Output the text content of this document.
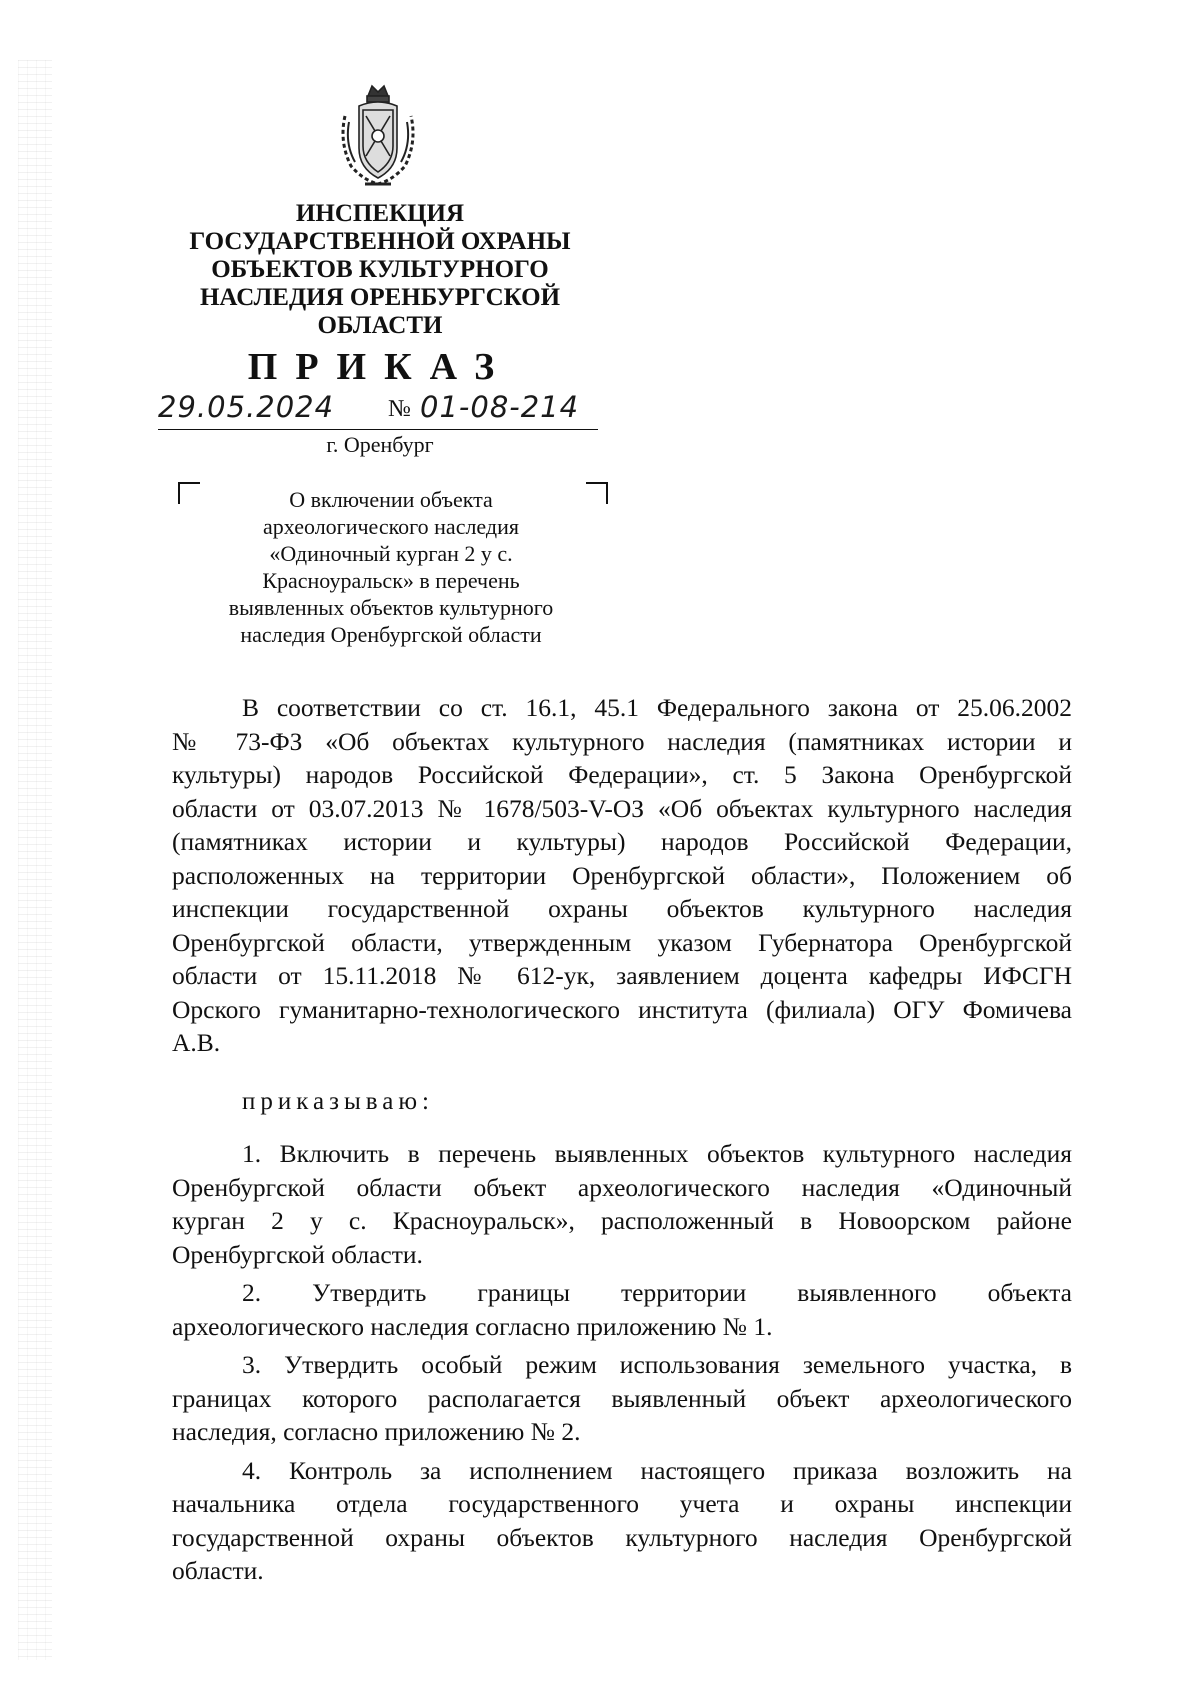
ИНСПЕКЦИЯ
ГОСУДАРСТВЕННОЙ ОХРАНЫ
ОБЪЕКТОВ КУЛЬТУРНОГО
НАСЛЕДИЯ ОРЕНБУРГСКОЙ
ОБЛАСТИ
ПРИКАЗ
29.05.2024 № 01-08-214
г. Оренбург
О включении объекта
археологического наследия
«Одиночный курган 2 у с.
Красноуральск» в перечень
выявленных объектов культурного
наследия Оренбургской области
В соответствии со ст. 16.1, 45.1 Федерального закона от 25.06.2002
№ 73-ФЗ «Об объектах культурного наследия (памятниках истории и
культуры) народов Российской Федерации», ст. 5 Закона Оренбургской
области от 03.07.2013 № 1678/503-V-ОЗ «Об объектах культурного наследия
(памятниках истории и культуры) народов Российской Федерации,
расположенных на территории Оренбургской области», Положением об
инспекции государственной охраны объектов культурного наследия
Оренбургской области, утвержденным указом Губернатора Оренбургской
области от 15.11.2018 № 612-ук, заявлением доцента кафедры ИФСГН
Орского гуманитарно-технологического института (филиала) ОГУ Фомичева
А.В.
приказываю:
1. Включить в перечень выявленных объектов культурного наследия
Оренбургской области объект археологического наследия «Одиночный
курган 2 у с. Красноуральск», расположенный в Новоорском районе
Оренбургской области.
2. Утвердить границы территории выявленного объекта
археологического наследия согласно приложению № 1.
3. Утвердить особый режим использования земельного участка, в
границах которого располагается выявленный объект археологического
наследия, согласно приложению № 2.
4. Контроль за исполнением настоящего приказа возложить на
начальника отдела государственного учета и охраны инспекции
государственной охраны объектов культурного наследия Оренбургской
области.
